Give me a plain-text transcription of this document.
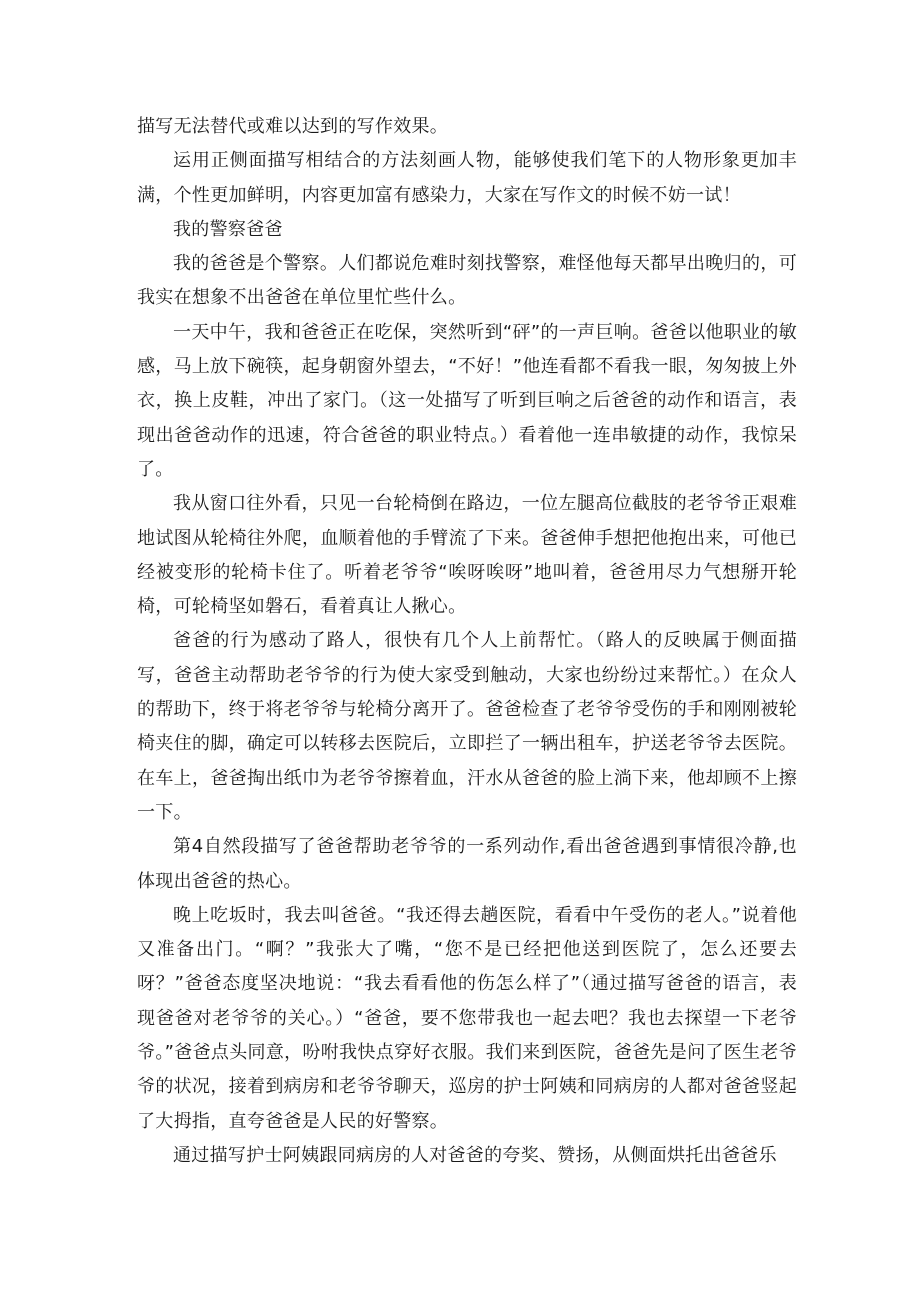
描写无法替代或难以达到的写作效果。

运用正侧面描写相结合的方法刻画人物，能够使我们笔下的人物形象更加丰满，个性更加鲜明，内容更加富有感染力，大家在写作文的时候不妨一试！

我的警察爸爸

我的爸爸是个警察。人们都说危难时刻找警察，难怪他每天都早出晚归的，可我实在想象不出爸爸在单位里忙些什么。

一天中午，我和爸爸正在吃保，突然听到“砰”的一声巨响。爸爸以他职业的敏感，马上放下碗筷，起身朝窗外望去，“不好！”他连看都不看我一眼，匆匆披上外衣，换上皮鞋，冲出了家门。（这一处描写了听到巨响之后爸爸的动作和语言，表现出爸爸动作的迅速，符合爸爸的职业特点。）看着他一连串敏捷的动作，我惊呆了。

我从窗口往外看，只见一台轮椅倒在路边，一位左腿高位截肢的老爷爷正艰难地试图从轮椅往外爬，血顺着他的手臂流了下来。爸爸伸手想把他抱出来，可他已经被变形的轮椅卡住了。听着老爷爷“唉呀唉呀”地叫着，爸爸用尽力气想掰开轮椅，可轮椅坚如磐石，看着真让人揪心。

爸爸的行为感动了路人，很快有几个人上前帮忙。（路人的反映属于侧面描写，爸爸主动帮助老爷爷的行为使大家受到触动，大家也纷纷过来帮忙。）在众人的帮助下，终于将老爷爷与轮椅分离开了。爸爸检查了老爷爷受伤的手和刚刚被轮椅夹住的脚，确定可以转移去医院后，立即拦了一辆出租车，护送老爷爷去医院。在车上，爸爸掏出纸巾为老爷爷擦着血，汗水从爸爸的脸上淌下来，他却顾不上擦一下。

第4自然段描写了爸爸帮助老爷爷的一系列动作,看出爸爸遇到事情很冷静,也体现出爸爸的热心。

晚上吃坂时，我去叫爸爸。“我还得去趟医院，看看中午受伤的老人。”说着他又准备出门。“啊？”我张大了嘴，“您不是已经把他送到医院了，怎么还要去呀？”爸爸态度坚决地说：“我去看看他的伤怎么样了”（通过描写爸爸的语言，表现爸爸对老爷爷的关心。）“爸爸，要不您带我也一起去吧？我也去探望一下老爷爷。”爸爸点头同意，吩咐我快点穿好衣服。我们来到医院，爸爸先是问了医生老爷爷的状况，接着到病房和老爷爷聊天，巡房的护士阿姨和同病房的人都对爸爸竖起了大拇指，直夸爸爸是人民的好警察。

通过描写护士阿姨跟同病房的人对爸爸的夸奖、赞扬，从侧面烘托出爸爸乐
